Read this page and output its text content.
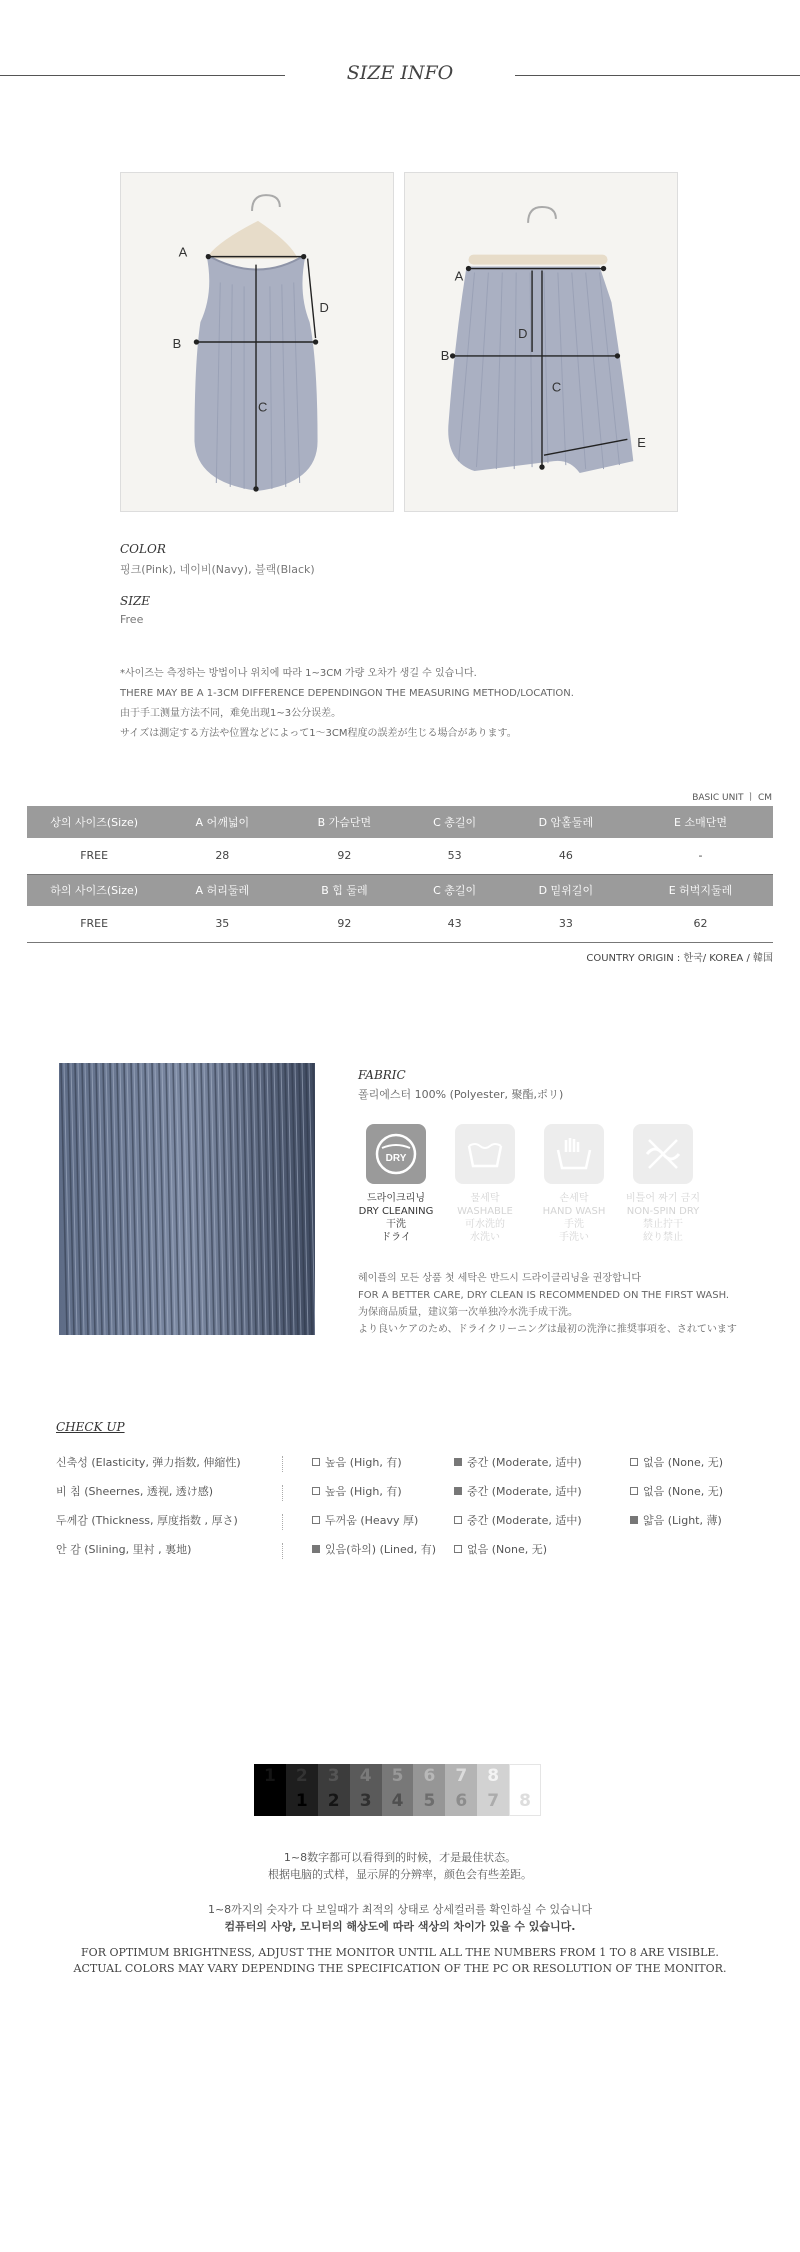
SIZE INFO
A
B
C
D
A
B
C
D
E
COLOR
핑크(Pink), 네이비(Navy), 블랙(Black)
SIZE
Free
*사이즈는 측정하는 방법이나 위치에 따라 1~3CM 가량 오차가 생길 수 있습니다.
THERE MAY BE A 1-3CM DIFFERENCE DEPENDINGON THE MEASURING METHOD/LOCATION.
由于手工测量方法不同，难免出现1~3公分误差。
サイズは測定する方法や位置などによって1～3CM程度の誤差が生じる場合があります。
BASIC UNIT ㅣ CM
상의 사이즈(Size)	A 어깨넓이	B 가슴단면	C 총길이	D 암홀둘레	E 소매단면
FREE	28	92	53	46	-
하의 사이즈(Size)	A 허리둘레	B 힙 둘레	C 총길이	D 밑위길이	E 허벅지둘레
FREE	35	92	43	33	62
COUNTRY ORIGIN : 한국/ KOREA / 韓国
FABRIC
폴리에스터 100% (Polyester, 聚酯,ポリ)
DRY
드라이크리닝
DRY CLEANING
干洗
ドライ
물세탁
WASHABLE
可水洗的
水洗い
손세탁
HAND WASH
手洗
手洗い
비틀어 짜기 금지
NON-SPIN DRY
禁止拧干
絞り禁止
헤이플의 모든 상품 첫 세탁은 반드시 드라이클리닝을 권장합니다
FOR A BETTER CARE, DRY CLEAN IS RECOMMENDED ON THE FIRST WASH.
为保商品质量，建议第一次单独冷水洗手成干洗。
より良いケアのため、ドライクリーニングは最初の洗浄に推奨事項を、されています
CHECK UP
신축성 (Elasticity, 弹力指数, 伸縮性)	높음 (High, 有)	중간 (Moderate, 适中)	없음 (None, 无)
비 침 (Sheernes, 透视, 透け感)	높음 (High, 有)	중간 (Moderate, 适中)	없음 (None, 无)
두께감 (Thickness, 厚度指数 , 厚さ)	두꺼움 (Heavy 厚)	중간 (Moderate, 适中)	얇음 (Light, 薄)
안 감 (Slining, 里衬 , 裏地)	있음(하의) (Lined, 有)	없음 (None, 无)
1	2
1
3
2
4
3
5
4
6
5
7
6
8
7	8
1~8数字都可以看得到的时候，才是最佳状态。
根据电脑的式样，显示屏的分辨率，颜色会有些差距。
1~8까지의 숫자가 다 보일때가 최적의 상태로 상세컬러를 확인하실 수 있습니다
컴퓨터의 사양, 모니터의 해상도에 따라 색상의 차이가 있을 수 있습니다.
FOR OPTIMUM BRIGHTNESS, ADJUST THE MONITOR UNTIL ALL THE NUMBERS FROM 1 TO 8 ARE VISIBLE.
ACTUAL COLORS MAY VARY DEPENDING THE SPECIFICATION OF THE PC OR RESOLUTION OF THE MONITOR.
